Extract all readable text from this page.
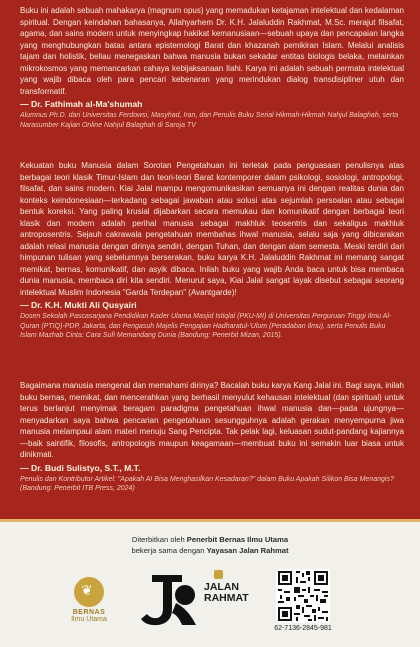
Buku ini adalah sebuah mahakarya (magnum opus) yang memadukan ketajaman intelektual dan kedalaman spiritual. Dengan keindahan bahasanya, Allahyarhem Dr. K.H. Jalaluddin Rakhmat, M.Sc. merajut filsafat, agama, dan sains modern untuk menyingkap hakikat kemanusiaan—sebuah upaya dan pencapaian langka yang menghubungkan batas antara epistemologi Barat dan khazanah pemikiran Islam. Melalui analisis tajam dan holistik, beliau menegaskan bahwa manusia bukan sekadar entitas biologis belaka, melainkan mikrokosmos yang memancarkan cahaya kebijaksanaan Ilahi. Karya ini adalah sebuah permata intelektual yang wajib dibaca oleh para pencari kebenaran yang merindukan dialog transdisipliner utuh dan transformatif.

— Dr. Fathimah al-Ma'shumah

Alumnus Ph.D. dari Universitas Ferdowsi, Masyhad, Iran, dan Penulis Buku Serial Hikmah-Hikmah Nahjul Balaghah, serta Narasumber Kajian Online Nahjul Balaghah di Saroja TV

Kekuatan buku Manusia dalam Sorotan Pengetahuan ini terletak pada penguasaan penulisnya atas berbagai teori klasik Timur-Islam dan teori-teori Barat kontemporer dalam psikologi, sosiologi, antropologi, filsafat, dan sains modern. Kiai Jalal mampu mengomunikasikan semuanya ini dengan realitas dunia dan konteks keindonesiaan—terkadang sebagai jawaban atau solusi atas sejumlah persoalan atau sebagai bentuk koreksi. Yang paling krusial dijabarkan secara memukau dan komunikatif dengan berbagai teori klasik dan modern adalah perihal manusia sebagai makhluk teosentris dan sekaligus makhluk antroposentris. Sejauh cakrawala pengetahuan membahas ihwal manusia, selalu saja yang dibicarakan adalah relasi manusia dengan dirinya sendiri, dengan Tuhan, dan dengan alam semesta. Meski terdiri dari himpunan tulisan yang sebelumnya berserakan, buku karya K.H. Jalaluddin Rakhmat ini memang sangat memikat, bernas, komunikatif, dan asyik dibaca. Inilah buku yang wajib Anda baca untuk bisa membaca dunia manusia, membaca diri kita sendiri. Menurut saya, Kiai Jalal sangat layak disebut sebagai seorang intelektual Muslim Indonesia "Garda Terdepan" (Avantgarde)!

— Dr. K.H. Mukti Ali Qusyairi

Dosen Sekolah Pascasarjana Pendidikan Kader Ulama Masjid Istiqlal (PKU-MI) di Universitas Perguruan Tinggi Ilmu Al-Quran (PTIQ)-PDP, Jakarta, dan Pengasuh Majelis Pengajian Hadharatul-'Ulum (Peradaban Ilmu), serta Penulis Buku Islam Mazhab Cinta: Cara Sufi Memandang Dunia (Bandung: Penerbit Mizan, 2015).

Bagaimana manusia mengenal dan memahami dirinya? Bacalah buku karya Kang Jalal ini. Bagi saya, inilah buku bernas, memikat, dan mencerahkan yang berhasil menyulut kehausan intelektual (dan spiritual) untuk terus berlanjut menyimak beragam paradigma pengetahuan ihwal manusia dan—pada ujungnya—menyadarkan saya bahwa pencarian pengetahuan sesungguhnya adalah gerakan menyempurna jiwa manusia melampaui alam materi menuju Sang Pencipta. Tak pelak lagi, keluasan sudut-pandang kajiannya—baik saintifik, filosofis, antropologis maupun keagamaan—membuat buku ini semakin luar biasa untuk dinikmati.

— Dr. Budi Sulistyo, S.T., M.T.

Penulis dan Kontributor Artikel: "Apakah AI Bisa Menghasilkan Kesadaran?" dalam Buku Apakah Silikon Bisa Menangis? (Bandung: Penerbit ITB Press, 2024)

Diterbitkan oleh Penerbit Bernas Ilmu Utama
bekerja sama dengan Yayasan Jalan Rahmat
❦
BERNAS
Ilmu Utama
JALAN
RAHMAT
62-7136-2845-981
